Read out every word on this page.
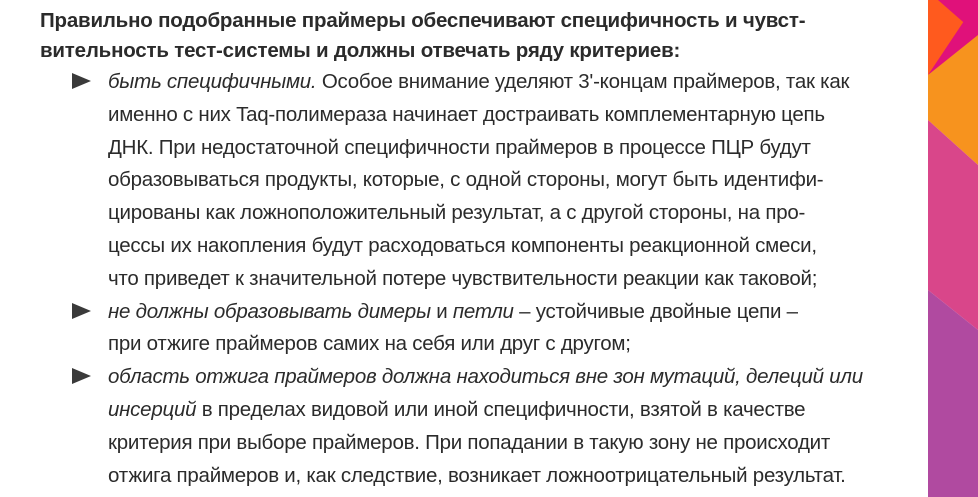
Правильно подобранные праймеры обеспечивают специфичность и чувст-
вительность тест-системы и должны отвечать ряду критериев:

быть специфичными. Особое внимание уделяют 3'-концам праймеров, так как
именно с них Taq-полимераза начинает достраивать комплементарную цепь
ДНК. При недостаточной специфичности праймеров в процессе ПЦР будут
образовываться продукты, которые, с одной стороны, могут быть идентифи-
цированы как ложноположительный результат, а с другой стороны, на про-
цессы их накопления будут расходоваться компоненты реакционной смеси,
что приведет к значительной потере чувствительности реакции как таковой;
не должны образовывать димеры и петли – устойчивые двойные цепи –
при отжиге праймеров самих на себя или друг с другом;
область отжига праймеров должна находиться вне зон мутаций, делеций или
инсерций в пределах видовой или иной специфичности, взятой в качестве
критерия при выборе праймеров. При попадании в такую зону не происходит
отжига праймеров и, как следствие, возникает ложноотрицательный результат.
